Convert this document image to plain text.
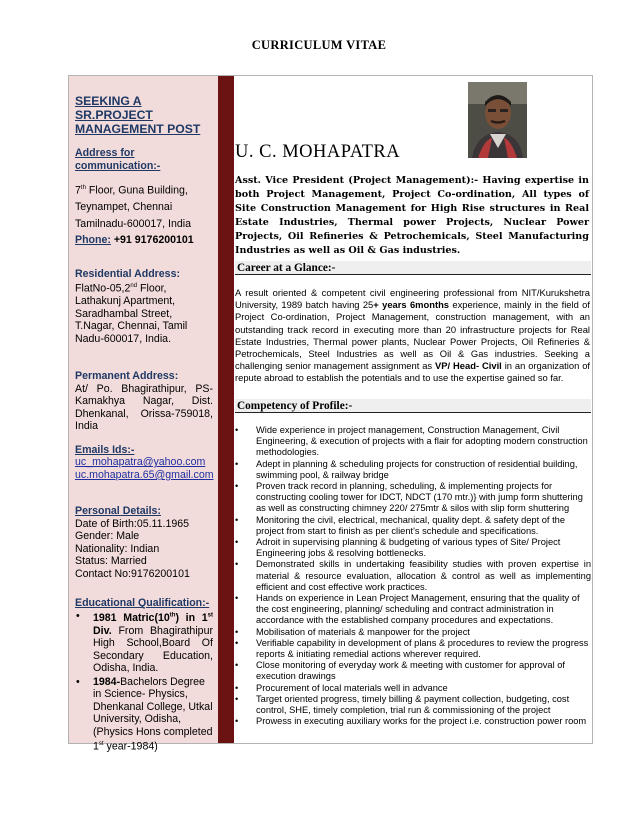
CURRICULUM VITAE
SEEKING A SR.PROJECT MANAGEMENT POST
Address for communication:-
7th Floor, Guna Building,
Teynampet, Chennai
Tamilnadu-600017, India
Phone: +91 9176200101
Residential Address:
FlatNo-05,2nd Floor,
Lathakunj Apartment, Saradhambal Street, T.Nagar, Chennai, Tamil Nadu-600017, India.
Permanent Address:
At/ Po. Bhagirathipur, PS-Kamakhya Nagar, Dist. Dhenkanal, Orissa-759018, India
Emails Ids:-
uc_mohapatra@yahoo.com
uc.mohapatra.65@gmail.com
Personal Details:
Date of Birth:05.11.1965
Gender: Male
Nationality: Indian
Status: Married
Contact No:9176200101
Educational Qualification:-
• 1981 Matric(10th) in 1st Div. From Bhagirathipur High School,Board Of Secondary Education, Odisha, India.
• 1984-Bachelors Degree in Science- Physics, Dhenkanal College, Utkal University, Odisha, (Physics Hons completed 1st year-1984)
U. C. MOHAPATRA
Asst. Vice President (Project Management):- Having expertise in both Project Management, Project Co-ordination, All types of Site Construction Management for High Rise structures in Real Estate Industries, Thermal power Projects, Nuclear Power Projects, Oil Refineries & Petrochemicals, Steel Manufacturing Industries as well as Oil & Gas industries.
Career at a Glance:-
A result oriented & competent civil engineering professional from NIT/Kurukshetra University, 1989 batch having 25+ years 6months experience, mainly in the field of Project Co-ordination, Project Management, construction management, with an outstanding track record in executing more than 20 infrastructure projects for Real Estate Industries, Thermal power plants, Nuclear Power Projects, Oil Refineries & Petrochemicals, Steel Industries as well as Oil & Gas industries. Seeking a challenging senior management assignment as VP/ Head- Civil in an organization of repute abroad to establish the potentials and to use the expertise gained so far.
Competency of Profile:-
• Wide experience in project management, Construction Management, Civil Engineering, & execution of projects with a flair for adopting modern construction methodologies.
• Adept in planning & scheduling projects for construction of residential building, swimming pool, & railway bridge
• Proven track record in planning, scheduling, & implementing projects for constructing cooling tower for IDCT, NDCT (170 mtr.)} with jump form shuttering as well as constructing chimney 220/ 275mtr & silos with slip form shuttering
• Monitoring the civil, electrical, mechanical, quality dept. & safety dept of the project from start to finish as per client's schedule and specifications.
• Adroit in supervising planning & budgeting of various types of Site/ Project Engineering jobs & resolving bottlenecks.
• Demonstrated skills in undertaking feasibility studies with proven expertise in material & resource evaluation, allocation & control as well as implementing efficient and cost effective work practices.
• Hands on experience in Lean Project Management, ensuring that the quality of the cost engineering, planning/ scheduling and contract administration in accordance with the established company procedures and expectations.
• Mobilisation of materials & manpower for the project
• Verifiable capability in development of plans & procedures to review the progress reports & initiating remedial actions wherever required.
• Close monitoring of everyday work & meeting with customer for approval of execution drawings
• Procurement of local materials well in advance
• Target oriented progress, timely billing & payment collection, budgeting, cost control, SHE, timely completion, trial run & commissioning of the project
• Prowess in executing auxiliary works for the project i.e. construction power room
